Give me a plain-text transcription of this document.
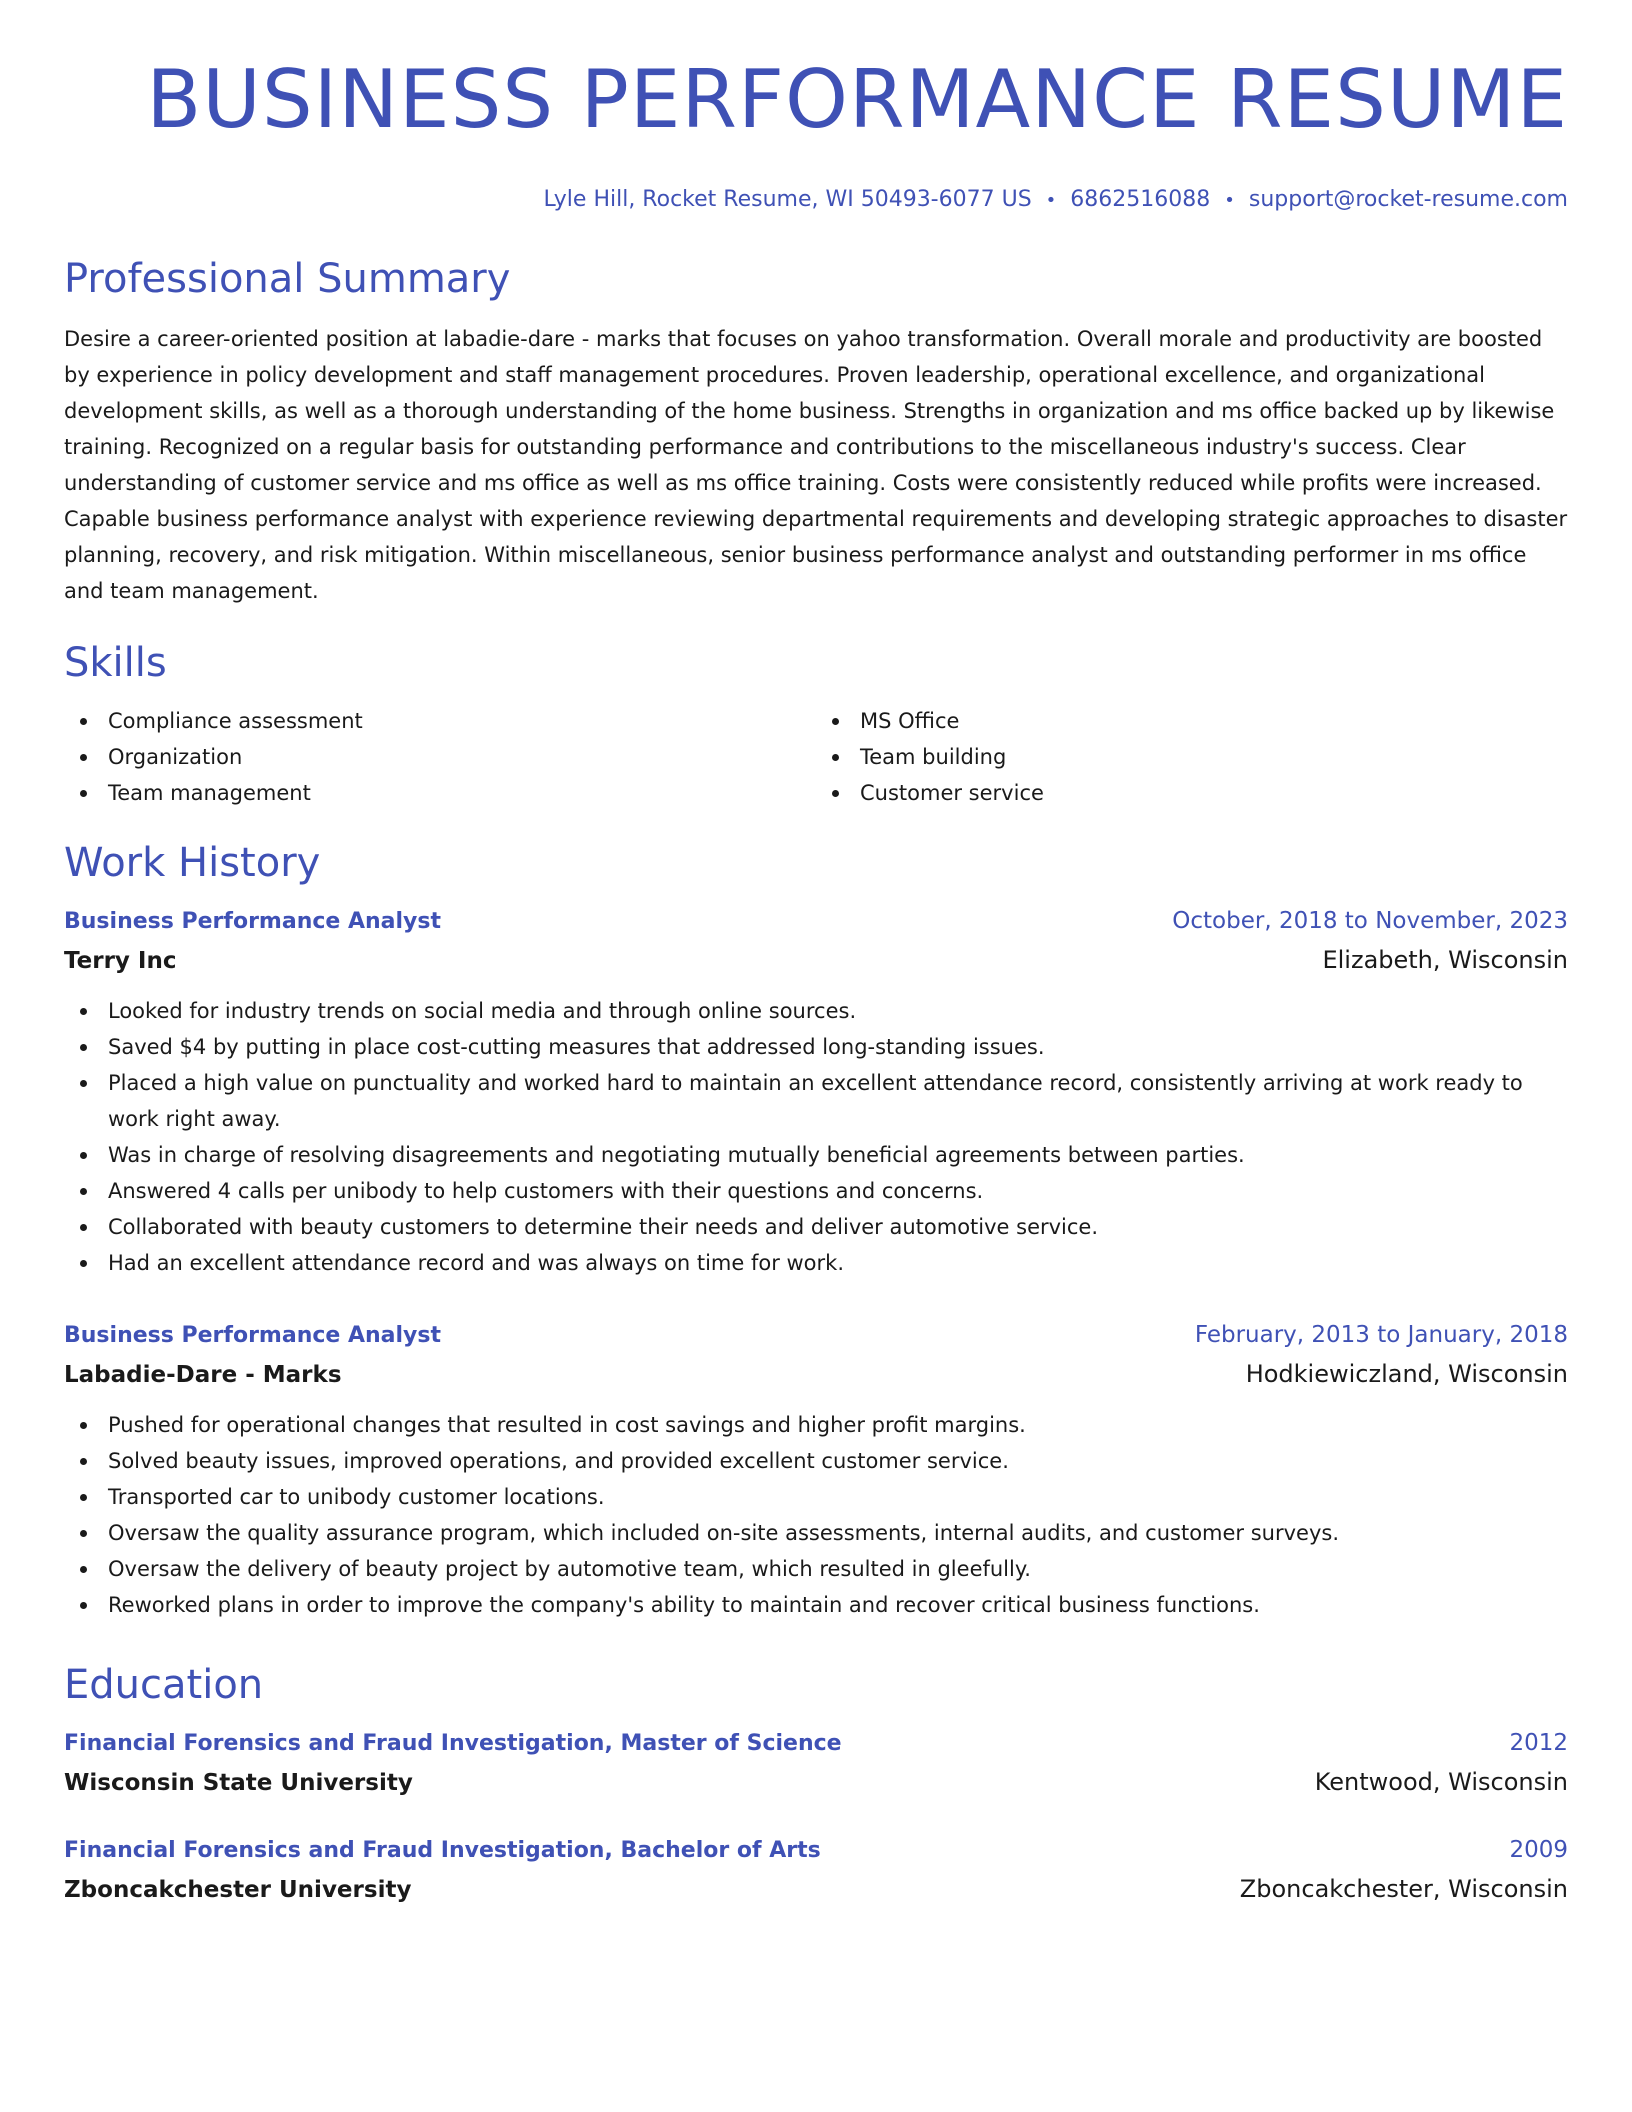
BUSINESS PERFORMANCE RESUME
Lyle Hill, Rocket Resume, WI 50493-6077 US • 6862516088 • support@rocket-resume.com
Professional Summary

Desire a career-oriented position at labadie-dare - marks that focuses on yahoo transformation. Overall morale and productivity are boosted by experience in policy development and staff management procedures. Proven leadership, operational excellence, and organizational development skills, as well as a thorough understanding of the home business. Strengths in organization and ms office backed up by likewise training. Recognized on a regular basis for outstanding performance and contributions to the miscellaneous industry's success. Clear understanding of customer service and ms office as well as ms office training. Costs were consistently reduced while profits were increased. Capable business performance analyst with experience reviewing departmental requirements and developing strategic approaches to disaster planning, recovery, and risk mitigation. Within miscellaneous, senior business performance analyst and outstanding performer in ms office and team management.

Skills
Compliance assessment
Organization
Team management
MS Office
Team building
Customer service
Work History
Business Performance Analyst	October, 2018 to November, 2023
Terry Inc	Elizabeth, Wisconsin
Looked for industry trends on social media and through online sources.
Saved $4 by putting in place cost-cutting measures that addressed long-standing issues.
Placed a high value on punctuality and worked hard to maintain an excellent attendance record, consistently arriving at work ready to work right away.
Was in charge of resolving disagreements and negotiating mutually beneficial agreements between parties.
Answered 4 calls per unibody to help customers with their questions and concerns.
Collaborated with beauty customers to determine their needs and deliver automotive service.
Had an excellent attendance record and was always on time for work.
Business Performance Analyst	February, 2013 to January, 2018
Labadie-Dare - Marks	Hodkiewiczland, Wisconsin
Pushed for operational changes that resulted in cost savings and higher profit margins.
Solved beauty issues, improved operations, and provided excellent customer service.
Transported car to unibody customer locations.
Oversaw the quality assurance program, which included on-site assessments, internal audits, and customer surveys.
Oversaw the delivery of beauty project by automotive team, which resulted in gleefully.
Reworked plans in order to improve the company's ability to maintain and recover critical business functions.
Education
Financial Forensics and Fraud Investigation, Master of Science	2012
Wisconsin State University	Kentwood, Wisconsin
Financial Forensics and Fraud Investigation, Bachelor of Arts	2009
Zboncakchester University	Zboncakchester, Wisconsin
